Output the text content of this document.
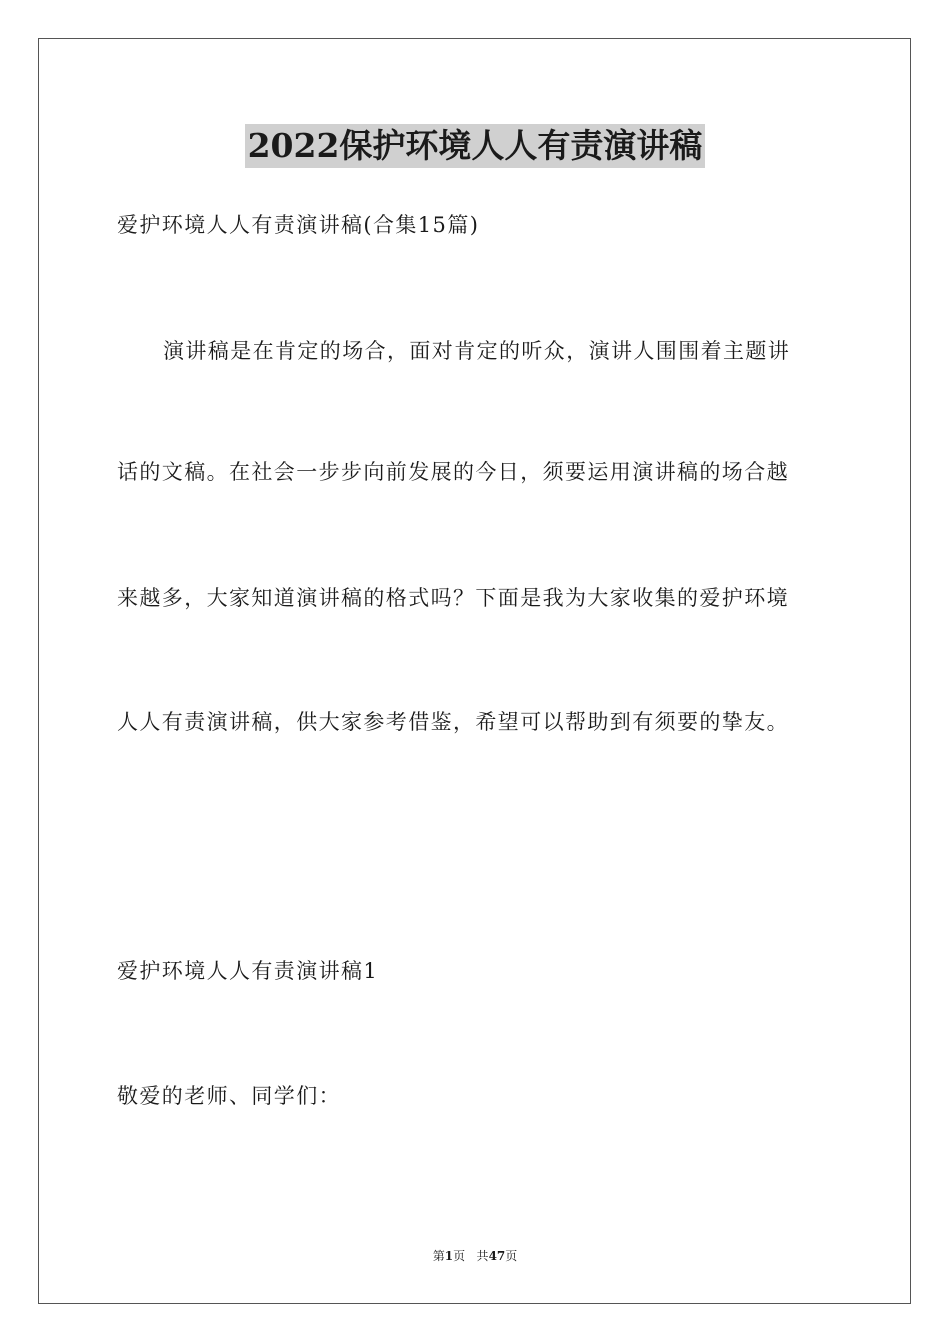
2022保护环境人人有责演讲稿
爱护环境人人有责演讲稿(合集15篇)
演讲稿是在肯定的场合，面对肯定的听众，演讲人围围着主题讲
话的文稿。在社会一步步向前发展的今日，须要运用演讲稿的场合越
来越多，大家知道演讲稿的格式吗？下面是我为大家收集的爱护环境
人人有责演讲稿，供大家参考借鉴，希望可以帮助到有须要的挚友。
爱护环境人人有责演讲稿1
敬爱的老师、同学们：
第1页 共47页
